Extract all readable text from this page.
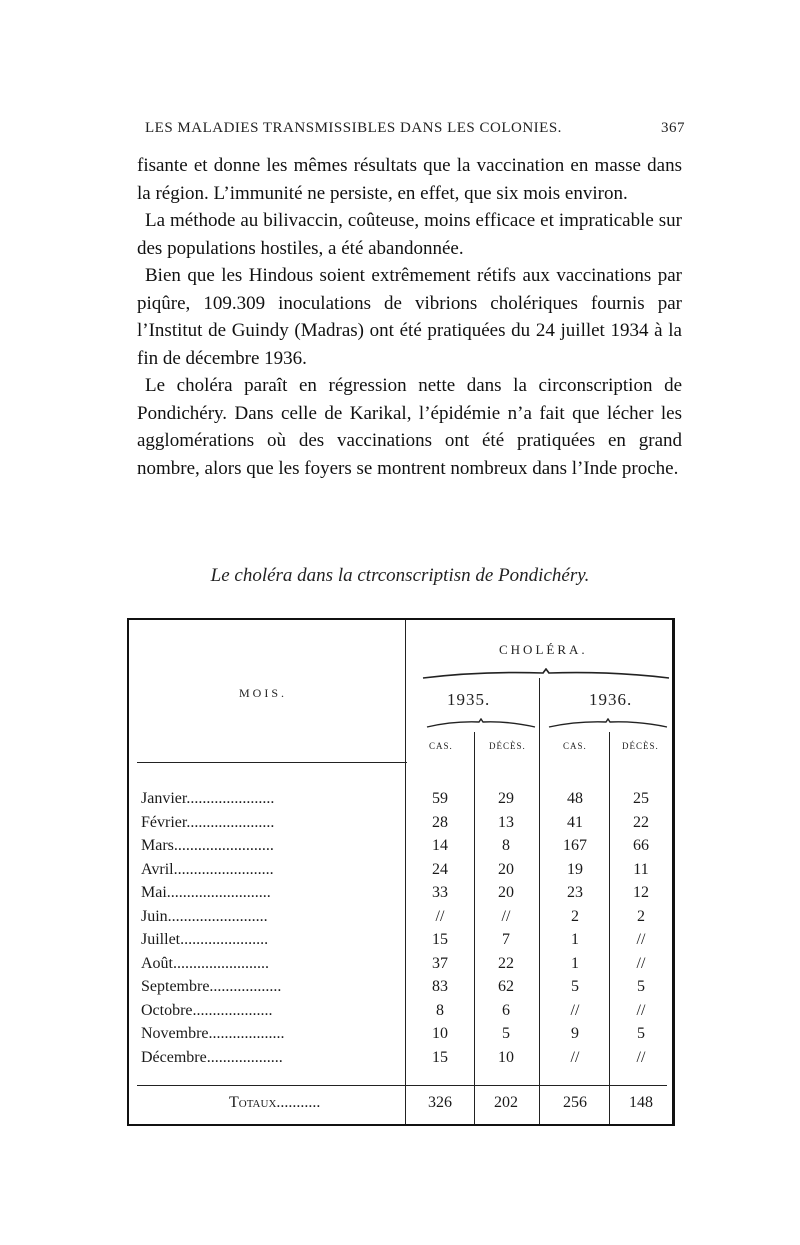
LES MALADIES TRANSMISSIBLES DANS LES COLONIES.	367

fisante et donne les mêmes résultats que la vaccination en masse dans la région. L’immunité ne persiste, en effet, que six mois environ.

La méthode au bilivaccin, coûteuse, moins efficace et impraticable sur des populations hostiles, a été abandonnée.

Bien que les Hindous soient extrêmement rétifs aux vaccinations par piqûre, 109.309 inoculations de vibrions cholériques fournis par l’Institut de Guindy (Madras) ont été pratiquées du 24 juillet 1934 à la fin de décembre 1936.

Le choléra paraît en régression nette dans la circonscription de Pondichéry. Dans celle de Karikal, l’épidémie n’a fait que lécher les agglomérations où des vaccinations ont été pratiquées en grand nombre, alors que les foyers se montrent nombreux dans l’Inde proche.

Le choléra dans la ctrconscriptisn de Pondichéry.
MOIS.
CHOLÉRA.
1935.	1936.
CAS.	DÉCÈS.	CAS.	DÉCÈS.
Janvier......................	59	29	48	25
Février......................	28	13	41	22
Mars.........................	14	8	167	66
Avril.........................	24	20	19	11
Mai..........................	33	20	23	12
Juin.........................	//	//	2	2
Juillet......................	15	7	1	//
Août........................	37	22	1	//
Septembre..................	83	62	5	5
Octobre....................	8	6	//	//
Novembre...................	10	5	9	5
Décembre...................	15	10	//	//
Totaux...........	326	202	256	148
